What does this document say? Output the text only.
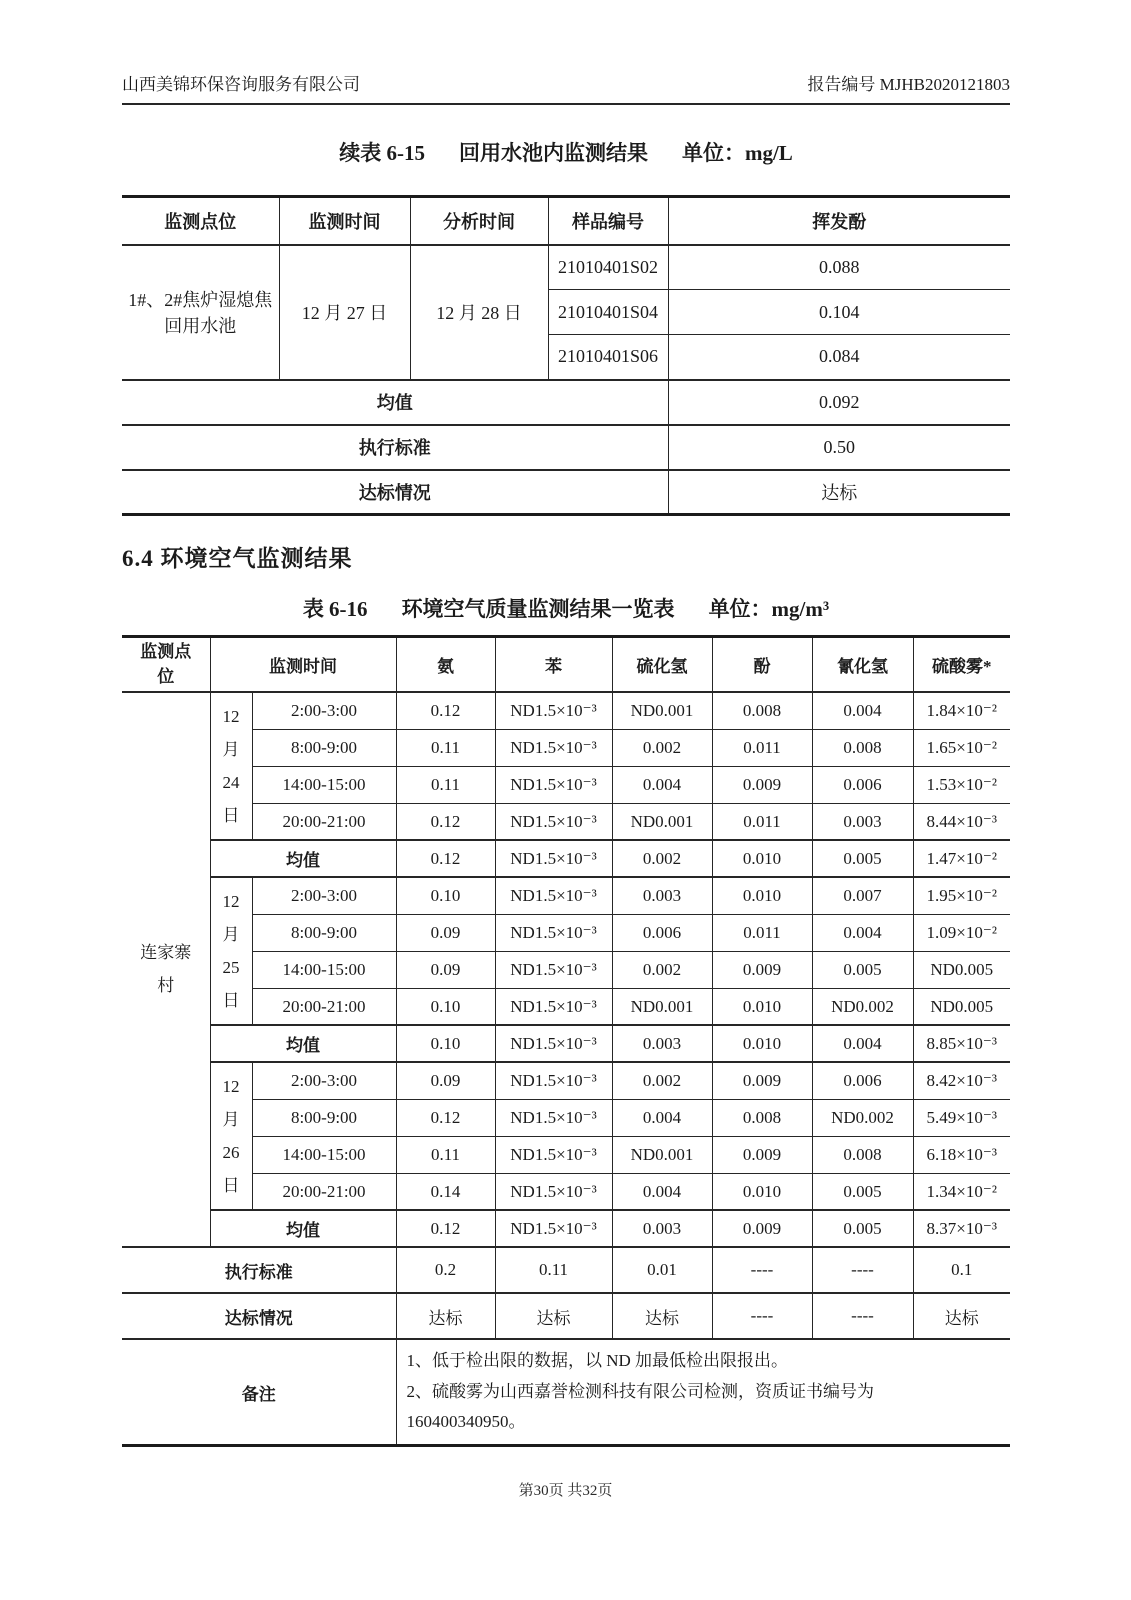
山西美锦环保咨询服务有限公司	报告编号 MJHB2020121803
续表 6-15 回用水池内监测结果 单位：mg/L
监测点位	监测时间	分析时间	样品编号	挥发酚
1#、2#焦炉湿熄焦回用水池	12 月 27 日	12 月 28 日	21010401S02	0.088
			21010401S04	0.104
			21010401S06	0.084
均值				0.092
执行标准				0.50
达标情况				达标
6.4 环境空气监测结果
表 6-16 环境空气质量监测结果一览表 单位：mg/m³
监测点位	监测时间		氨	苯	硫化氢	酚	氰化氢	硫酸雾*
连家寨村	12月24日	2:00-3:00	0.12	ND1.5×10⁻³	ND0.001	0.008	0.004	1.84×10⁻²
		8:00-9:00	0.11	ND1.5×10⁻³	0.002	0.011	0.008	1.65×10⁻²
		14:00-15:00	0.11	ND1.5×10⁻³	0.004	0.009	0.006	1.53×10⁻²
		20:00-21:00	0.12	ND1.5×10⁻³	ND0.001	0.011	0.003	8.44×10⁻³
	均值		0.12	ND1.5×10⁻³	0.002	0.010	0.005	1.47×10⁻²
	12月25日	2:00-3:00	0.10	ND1.5×10⁻³	0.003	0.010	0.007	1.95×10⁻²
		8:00-9:00	0.09	ND1.5×10⁻³	0.006	0.011	0.004	1.09×10⁻²
		14:00-15:00	0.09	ND1.5×10⁻³	0.002	0.009	0.005	ND0.005
		20:00-21:00	0.10	ND1.5×10⁻³	ND0.001	0.010	ND0.002	ND0.005
	均值		0.10	ND1.5×10⁻³	0.003	0.010	0.004	8.85×10⁻³
	12月26日	2:00-3:00	0.09	ND1.5×10⁻³	0.002	0.009	0.006	8.42×10⁻³
		8:00-9:00	0.12	ND1.5×10⁻³	0.004	0.008	ND0.002	5.49×10⁻³
		14:00-15:00	0.11	ND1.5×10⁻³	ND0.001	0.009	0.008	6.18×10⁻³
		20:00-21:00	0.14	ND1.5×10⁻³	0.004	0.010	0.005	1.34×10⁻²
	均值		0.12	ND1.5×10⁻³	0.003	0.009	0.005	8.37×10⁻³
执行标准			0.2	0.11	0.01	----	----	0.1
达标情况			达标	达标	达标	----	----	达标
备注			1、低于检出限的数据，以 ND 加最低检出限报出。
2、硫酸雾为山西嘉誉检测科技有限公司检测，资质证书编号为
160400340950。					
第30页 共32页
